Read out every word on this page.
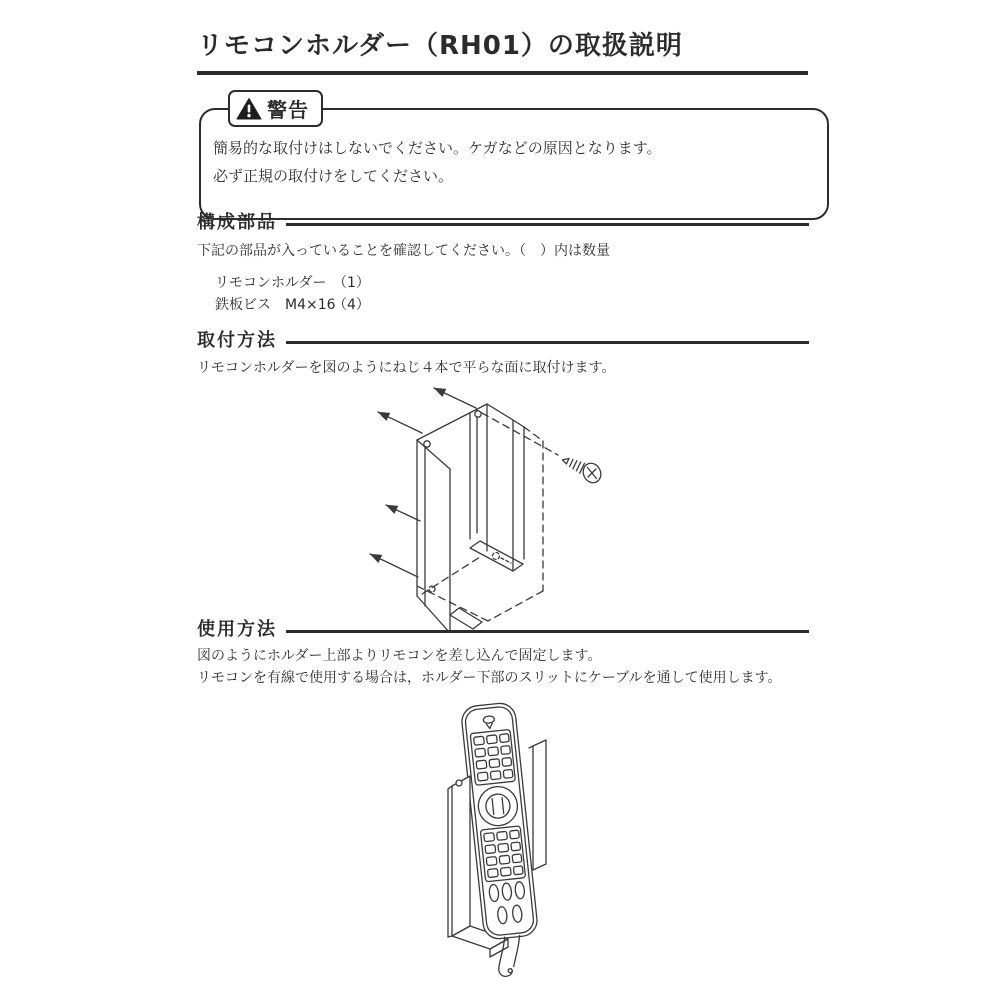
リモコンホルダー（RH01）の取扱説明
警告
簡易的な取付けはしないでください。ケガなどの原因となります。
必ず正規の取付けをしてください。
構成部品
下記の部品が入っていることを確認してください。（　）内は数量
リモコンホルダー （1）
鉄板ビス　M4×16
（4）
取付方法
リモコンホルダーを図のようにねじ４本で平らな面に取付けます。
使用方法
図のようにホルダー上部よりリモコンを差し込んで固定します。
リモコンを有線で使用する場合は，ホルダー下部のスリットにケーブルを通して使用します。
